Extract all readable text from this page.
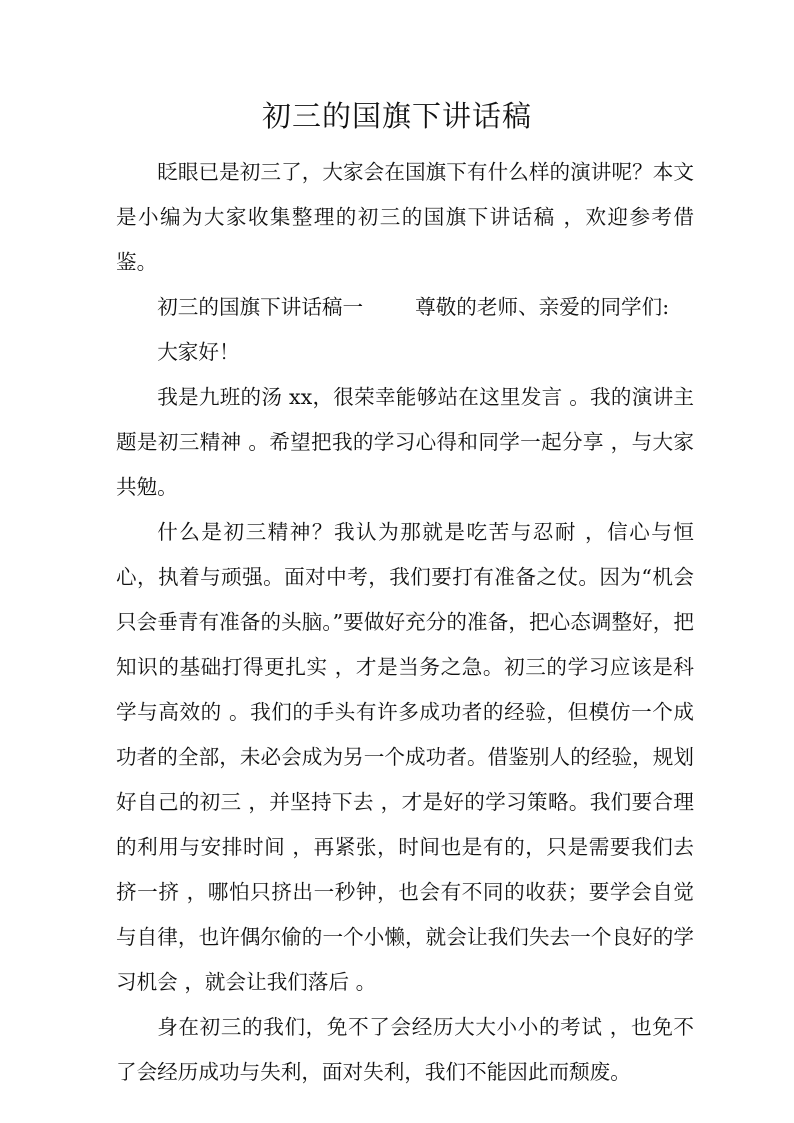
初三的国旗下讲话稿

眨眼已是初三了，大家会在国旗下有什么样的演讲呢？本文是小编为大家收集整理的初三的国旗下讲话稿 ，欢迎参考借鉴。

初三的国旗下讲话稿一	尊敬的老师、亲爱的同学们:

大家好！

我是九班的汤 xx，很荣幸能够站在这里发言 。我的演讲主题是初三精神 。希望把我的学习心得和同学一起分享 ，与大家共勉。

什么是初三精神？我认为那就是吃苦与忍耐 ，信心与恒心，执着与顽强。面对中考，我们要打有准备之仗。因为“机会只会垂青有准备的头脑。”要做好充分的准备，把心态调整好，把知识的基础打得更扎实 ，才是当务之急。初三的学习应该是科学与高效的 。我们的手头有许多成功者的经验，但模仿一个成功者的全部，未必会成为另一个成功者。借鉴别人的经验，规划好自己的初三 ，并坚持下去 ，才是好的学习策略。我们要合理的利用与安排时间 ，再紧张，时间也是有的，只是需要我们去挤一挤 ，哪怕只挤出一秒钟，也会有不同的收获；要学会自觉与自律，也许偶尔偷的一个小懒，就会让我们失去一个良好的学习机会 ，就会让我们落后 。

身在初三的我们，免不了会经历大大小小的考试 ，也免不了会经历成功与失利，面对失利，我们不能因此而颓废。
